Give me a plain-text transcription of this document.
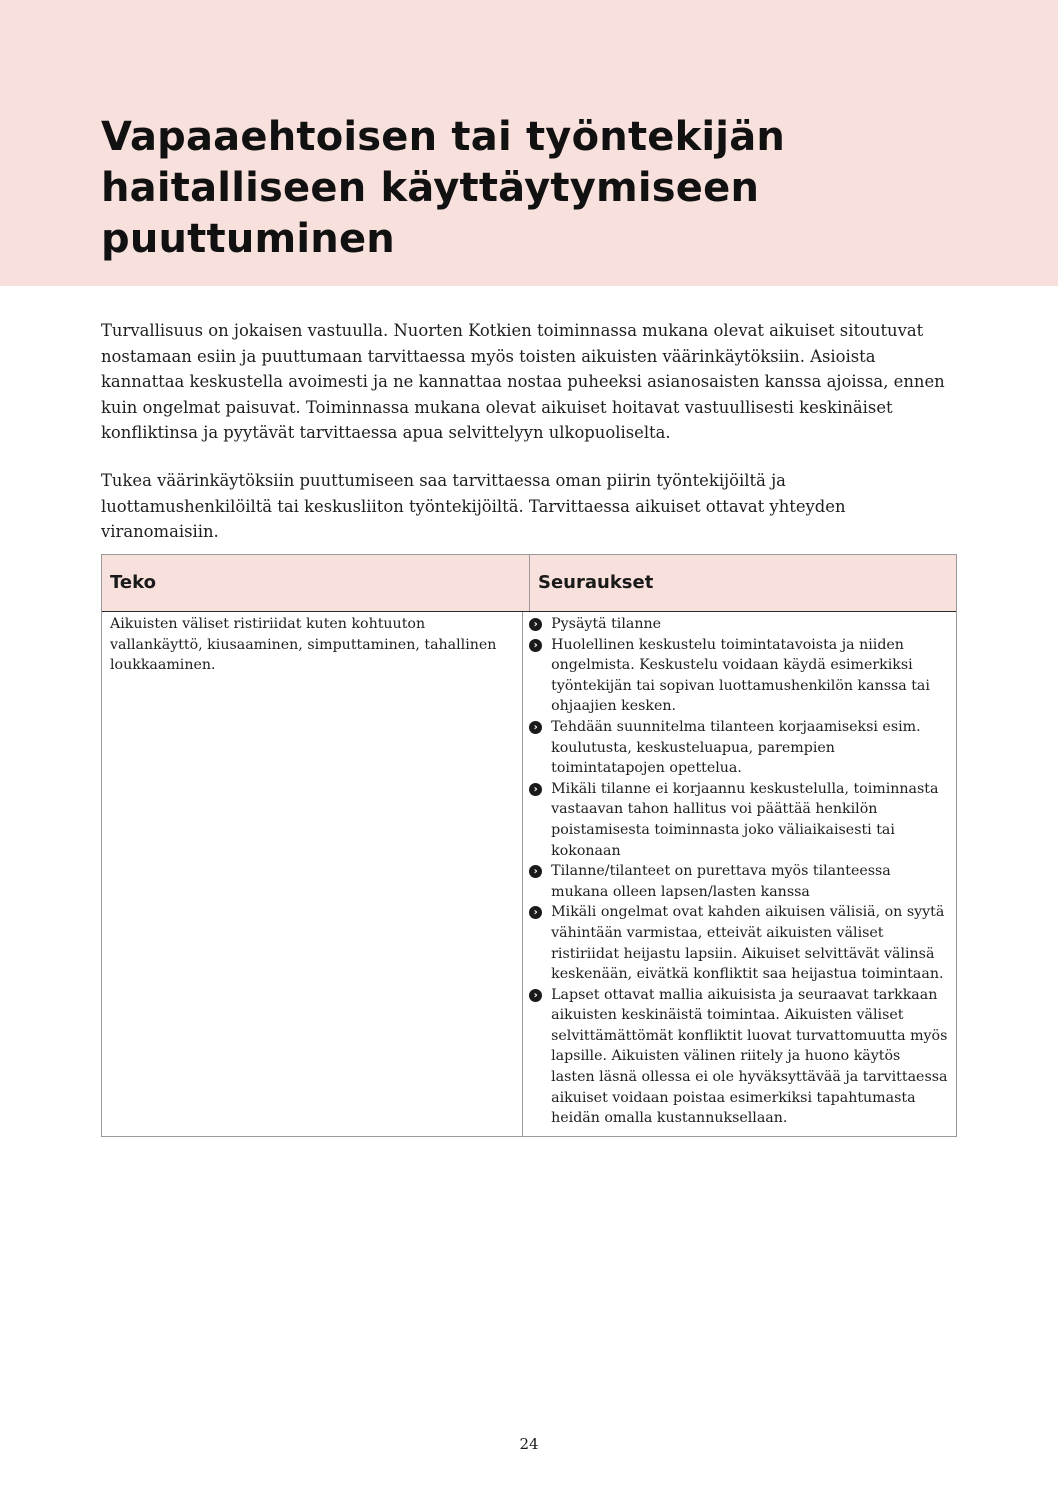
Vapaaehtoisen tai työntekijän haitalliseen käyttäytymiseen puuttuminen

Turvallisuus on jokaisen vastuulla. Nuorten Kotkien toiminnassa mukana olevat aikuiset sitoutuvat nostamaan esiin ja puuttumaan tarvittaessa myös toisten aikuisten väärinkäytöksiin. Asioista kannattaa keskustella avoimesti ja ne kannattaa nostaa puheeksi asianosaisten kanssa ajoissa, ennen kuin ongelmat paisuvat. Toiminnassa mukana olevat aikuiset hoitavat vastuullisesti keskinäiset konfliktinsa ja pyytävät tarvittaessa apua selvittelyyn ulkopuoliselta.

Tukea väärinkäytöksiin puuttumiseen saa tarvittaessa oman piirin työntekijöiltä ja luottamushenkilöiltä tai keskusliiton työntekijöiltä. Tarvittaessa aikuiset ottavat yhteyden viranomaisiin.

Teko	Seuraukset
Aikuisten väliset ristiriidat kuten kohtuuton vallankäyttö, kiusaaminen, simputtaminen, tahallinen loukkaaminen.
› Pysäytä tilanne
› Huolellinen keskustelu toimintatavoista ja niiden ongelmista. Keskustelu voidaan käydä esimerkiksi työntekijän tai sopivan luottamushenkilön kanssa tai ohjaajien kesken.
› Tehdään suunnitelma tilanteen korjaamiseksi esim. koulutusta, keskusteluapua, parempien toimintatapojen opettelua.
› Mikäli tilanne ei korjaannu keskustelulla, toiminnasta vastaavan tahon hallitus voi päättää henkilön poistamisesta toiminnasta joko väliaikaisesti tai kokonaan
› Tilanne/tilanteet on purettava myös tilanteessa mukana olleen lapsen/lasten kanssa
› Mikäli ongelmat ovat kahden aikuisen välisiä, on syytä vähintään varmistaa, etteivät aikuisten väliset ristiriidat heijastu lapsiin. Aikuiset selvittävät välinsä keskenään, eivätkä konfliktit saa heijastua toimintaan.
› Lapset ottavat mallia aikuisista ja seuraavat tarkkaan aikuisten keskinäistä toimintaa. Aikuisten väliset selvittämättömät konfliktit luovat turvattomuutta myös lapsille. Aikuisten välinen riitely ja huono käytös lasten läsnä ollessa ei ole hyväksyttävää ja tarvittaessa aikuiset voidaan poistaa esimerkiksi tapahtumasta heidän omalla kustannuksellaan.
24
